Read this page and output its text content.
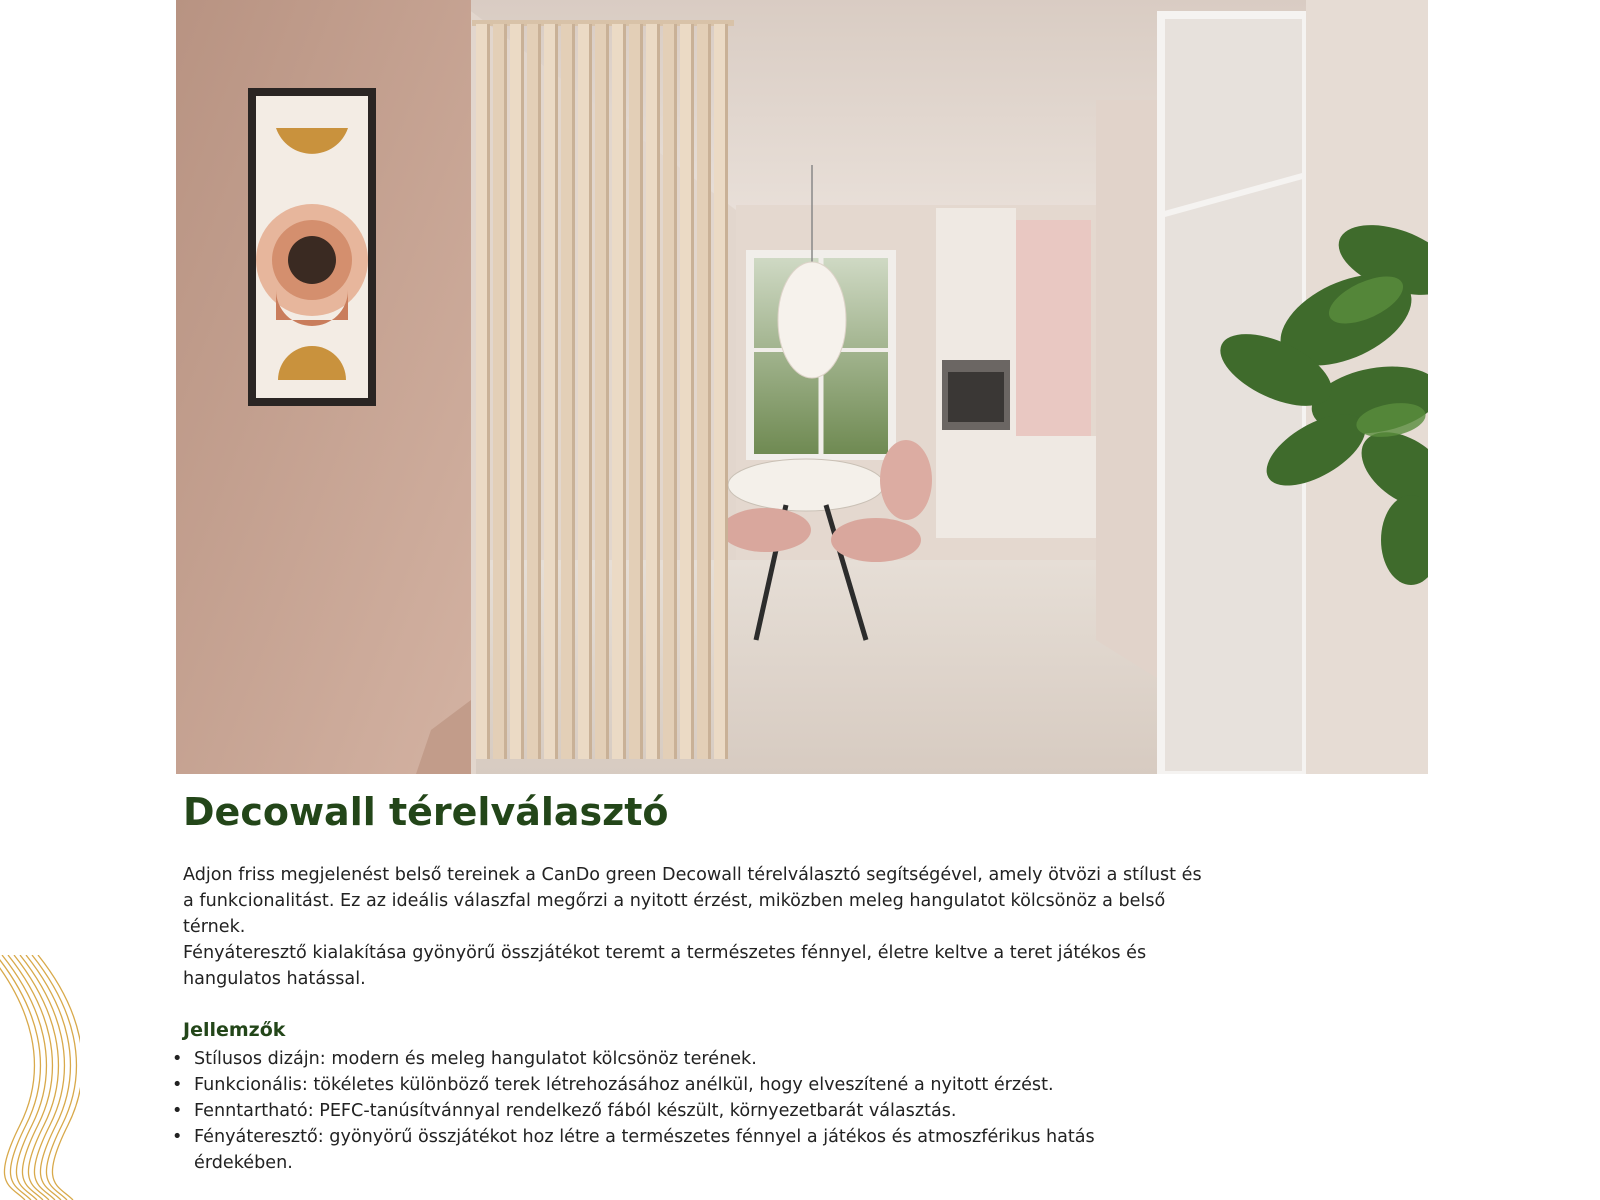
Decowall térelválasztó

Adjon friss megjelenést belső tereinek a CanDo green Decowall térelválasztó segítségével, amely ötvözi a stílust és a funkcionalitást. Ez az ideális válaszfal megőrzi a nyitott érzést, miközben meleg hangulatot kölcsönöz a belső térnek.

Fényáteresztő kialakítása gyönyörű összjátékot teremt a természetes fénnyel, életre keltve a teret játékos és hangulatos hatással.

Jellemzők
• Stílusos dizájn: modern és meleg hangulatot kölcsönöz terének.
• Funkcionális: tökéletes különböző terek létrehozásához anélkül, hogy elveszítené a nyitott érzést.
• Fenntartható: PEFC-tanúsítvánnyal rendelkező fából készült, környezetbarát választás.
• Fényáteresztő: gyönyörű összjátékot hoz létre a természetes fénnyel a játékos és atmoszférikus hatás érdekében.
